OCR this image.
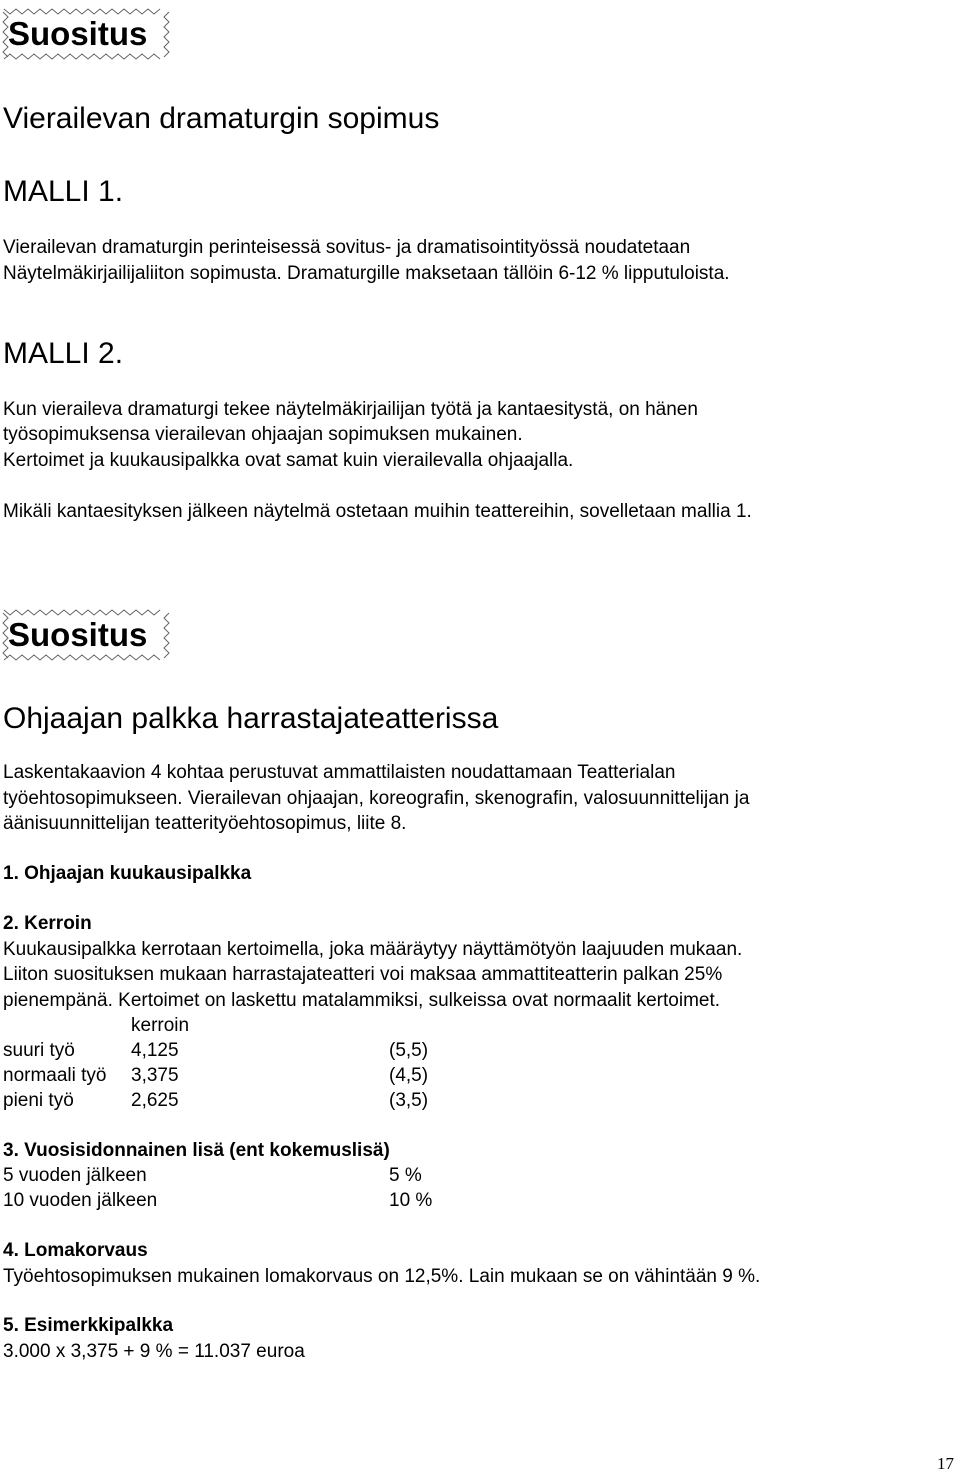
Suositus
Vierailevan dramaturgin sopimus
MALLI 1.

Vierailevan dramaturgin perinteisessä sovitus- ja dramatisointityössä noudatetaan

Näytelmäkirjailijaliiton sopimusta. Dramaturgille maksetaan tällöin 6-12 % lipputuloista.

MALLI 2.

Kun vieraileva dramaturgi tekee näytelmäkirjailijan työtä ja kantaesitystä, on hänen

työsopimuksensa vierailevan ohjaajan sopimuksen mukainen.

Kertoimet ja kuukausipalkka ovat samat kuin vierailevalla ohjaajalla.

Mikäli kantaesityksen jälkeen näytelmä ostetaan muihin teattereihin, sovelletaan mallia 1.

Suositus
Ohjaajan palkka harrastajateatterissa

Laskentakaavion 4 kohtaa perustuvat ammattilaisten noudattamaan Teatterialan

työehtosopimukseen. Vierailevan ohjaajan, koreografin, skenografin, valosuunnittelijan ja

äänisuunnittelijan teatterityöehtosopimus, liite 8.

1. Ohjaajan kuukausipalkka

2. Kerroin

Kuukausipalkka kerrotaan kertoimella, joka määräytyy näyttämötyön laajuuden mukaan.

Liiton suosituksen mukaan harrastajateatteri voi maksaa ammattiteatterin palkan 25%

pienempänä. Kertoimet on laskettu matalammiksi, sulkeissa ovat normaalit kertoimet.

kerroin
suuri työ	4,125	(5,5)
normaali työ 3,375	(4,5)
pieni työ	2,625	(3,5)

3. Vuosisidonnainen lisä (ent kokemuslisä)

5 vuoden jälkeen	5 %
10 vuoden jälkeen	10 %

4. Lomakorvaus

Työehtosopimuksen mukainen lomakorvaus on 12,5%. Lain mukaan se on vähintään 9 %.

5. Esimerkkipalkka

3.000 x 3,375 + 9 % = 11.037 euroa

17
